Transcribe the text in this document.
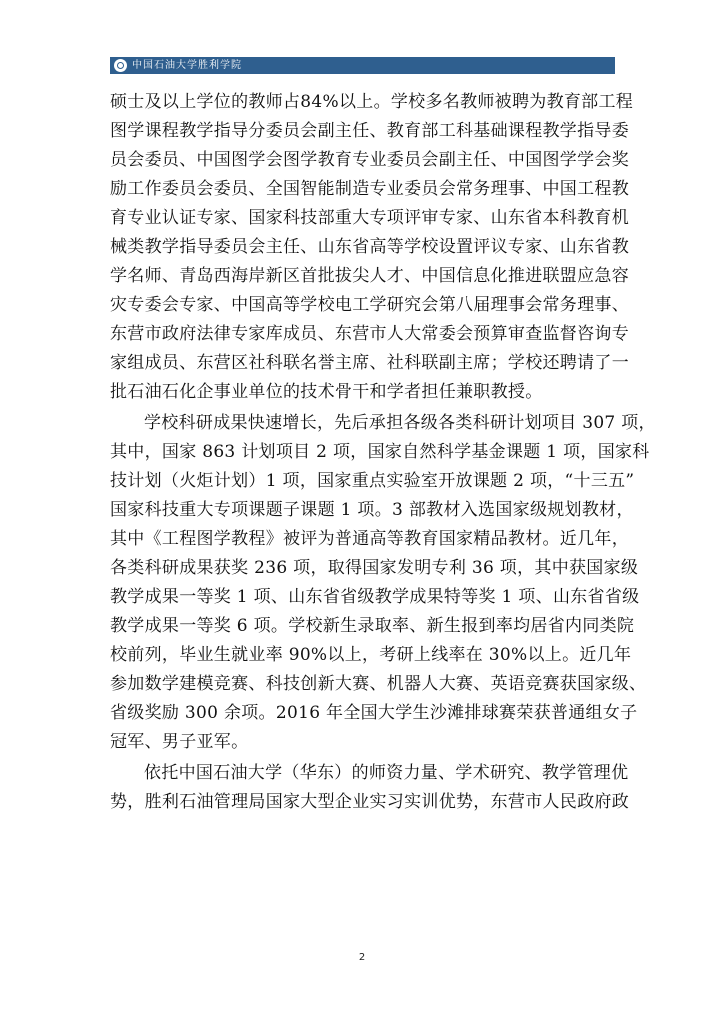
中国石油大学胜利学院
硕士及以上学位的教师占84%以上。学校多名教师被聘为教育部工程
图学课程教学指导分委员会副主任、教育部工科基础课程教学指导委
员会委员、中国图学会图学教育专业委员会副主任、中国图学学会奖
励工作委员会委员、全国智能制造专业委员会常务理事、中国工程教
育专业认证专家、国家科技部重大专项评审专家、山东省本科教育机
械类教学指导委员会主任、山东省高等学校设置评议专家、山东省教
学名师、青岛西海岸新区首批拔尖人才、中国信息化推进联盟应急容
灾专委会专家、中国高等学校电工学研究会第八届理事会常务理事、
东营市政府法律专家库成员、东营市人大常委会预算审查监督咨询专
家组成员、东营区社科联名誉主席、社科联副主席；学校还聘请了一
批石油石化企事业单位的技术骨干和学者担任兼职教授。
学校科研成果快速增长，先后承担各级各类科研计划项目 307 项，
其中，国家 863 计划项目 2 项，国家自然科学基金课题 1 项，国家科
技计划（火炬计划）1 项，国家重点实验室开放课题 2 项，“十三五”
国家科技重大专项课题子课题 1 项。3 部教材入选国家级规划教材，
其中《工程图学教程》被评为普通高等教育国家精品教材。近几年，
各类科研成果获奖 236 项，取得国家发明专利 36 项，其中获国家级
教学成果一等奖 1 项、山东省省级教学成果特等奖 1 项、山东省省级
教学成果一等奖 6 项。学校新生录取率、新生报到率均居省内同类院
校前列，毕业生就业率 90%以上，考研上线率在 30%以上。近几年
参加数学建模竞赛、科技创新大赛、机器人大赛、英语竞赛获国家级、
省级奖励 300 余项。2016 年全国大学生沙滩排球赛荣获普通组女子
冠军、男子亚军。
依托中国石油大学（华东）的师资力量、学术研究、教学管理优
势，胜利石油管理局国家大型企业实习实训优势，东营市人民政府政
2
